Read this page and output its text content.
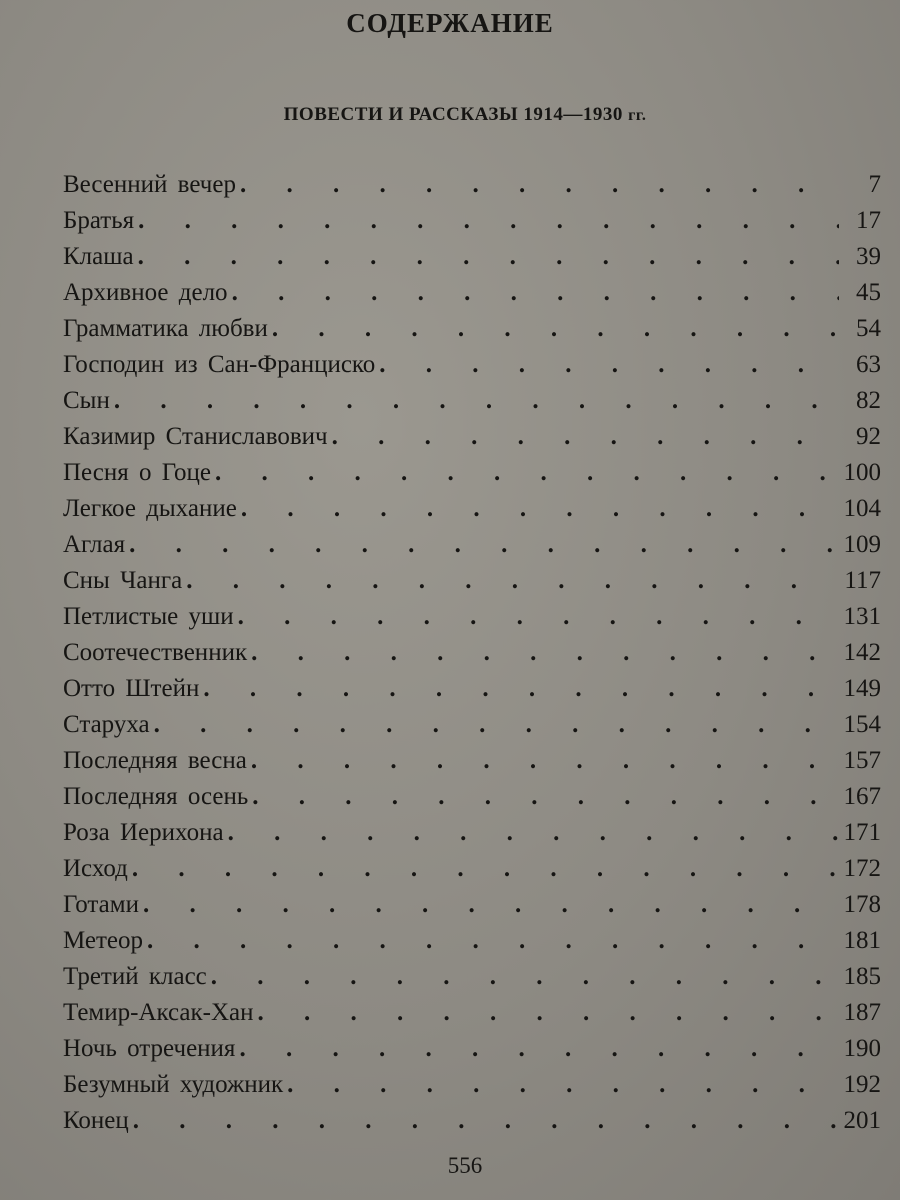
СОДЕРЖАНИЕ
ПОВЕСТИ И РАССКАЗЫ 1914—1930 гг.
Весенний вечер . . .	7
Братья . . .	17
Клаша . . .	39
Архивное дело . . .	45
Грамматика любви . . .	54
Господин из Сан-Франциско . . .	63
Сын . . .	82
Казимир Станиславович . . .	92
Песня о Гоце . . .	100
Легкое дыхание . . .	104
Аглая . . .	109
Сны Чанга . . .	117
Петлистые уши . . .	131
Соотечественник . . .	142
Отто Штейн . . .	149
Старуха . . .	154
Последняя весна . . .	157
Последняя осень . . .	167
Роза Иерихона . . .	171
Исход . . .	172
Готами . . .	178
Метеор . . .	181
Третий класс . . .	185
Темир-Аксак-Хан . . .	187
Ночь отречения . . .	190
Безумный художник . . .	192
Конец . . .	201
556
